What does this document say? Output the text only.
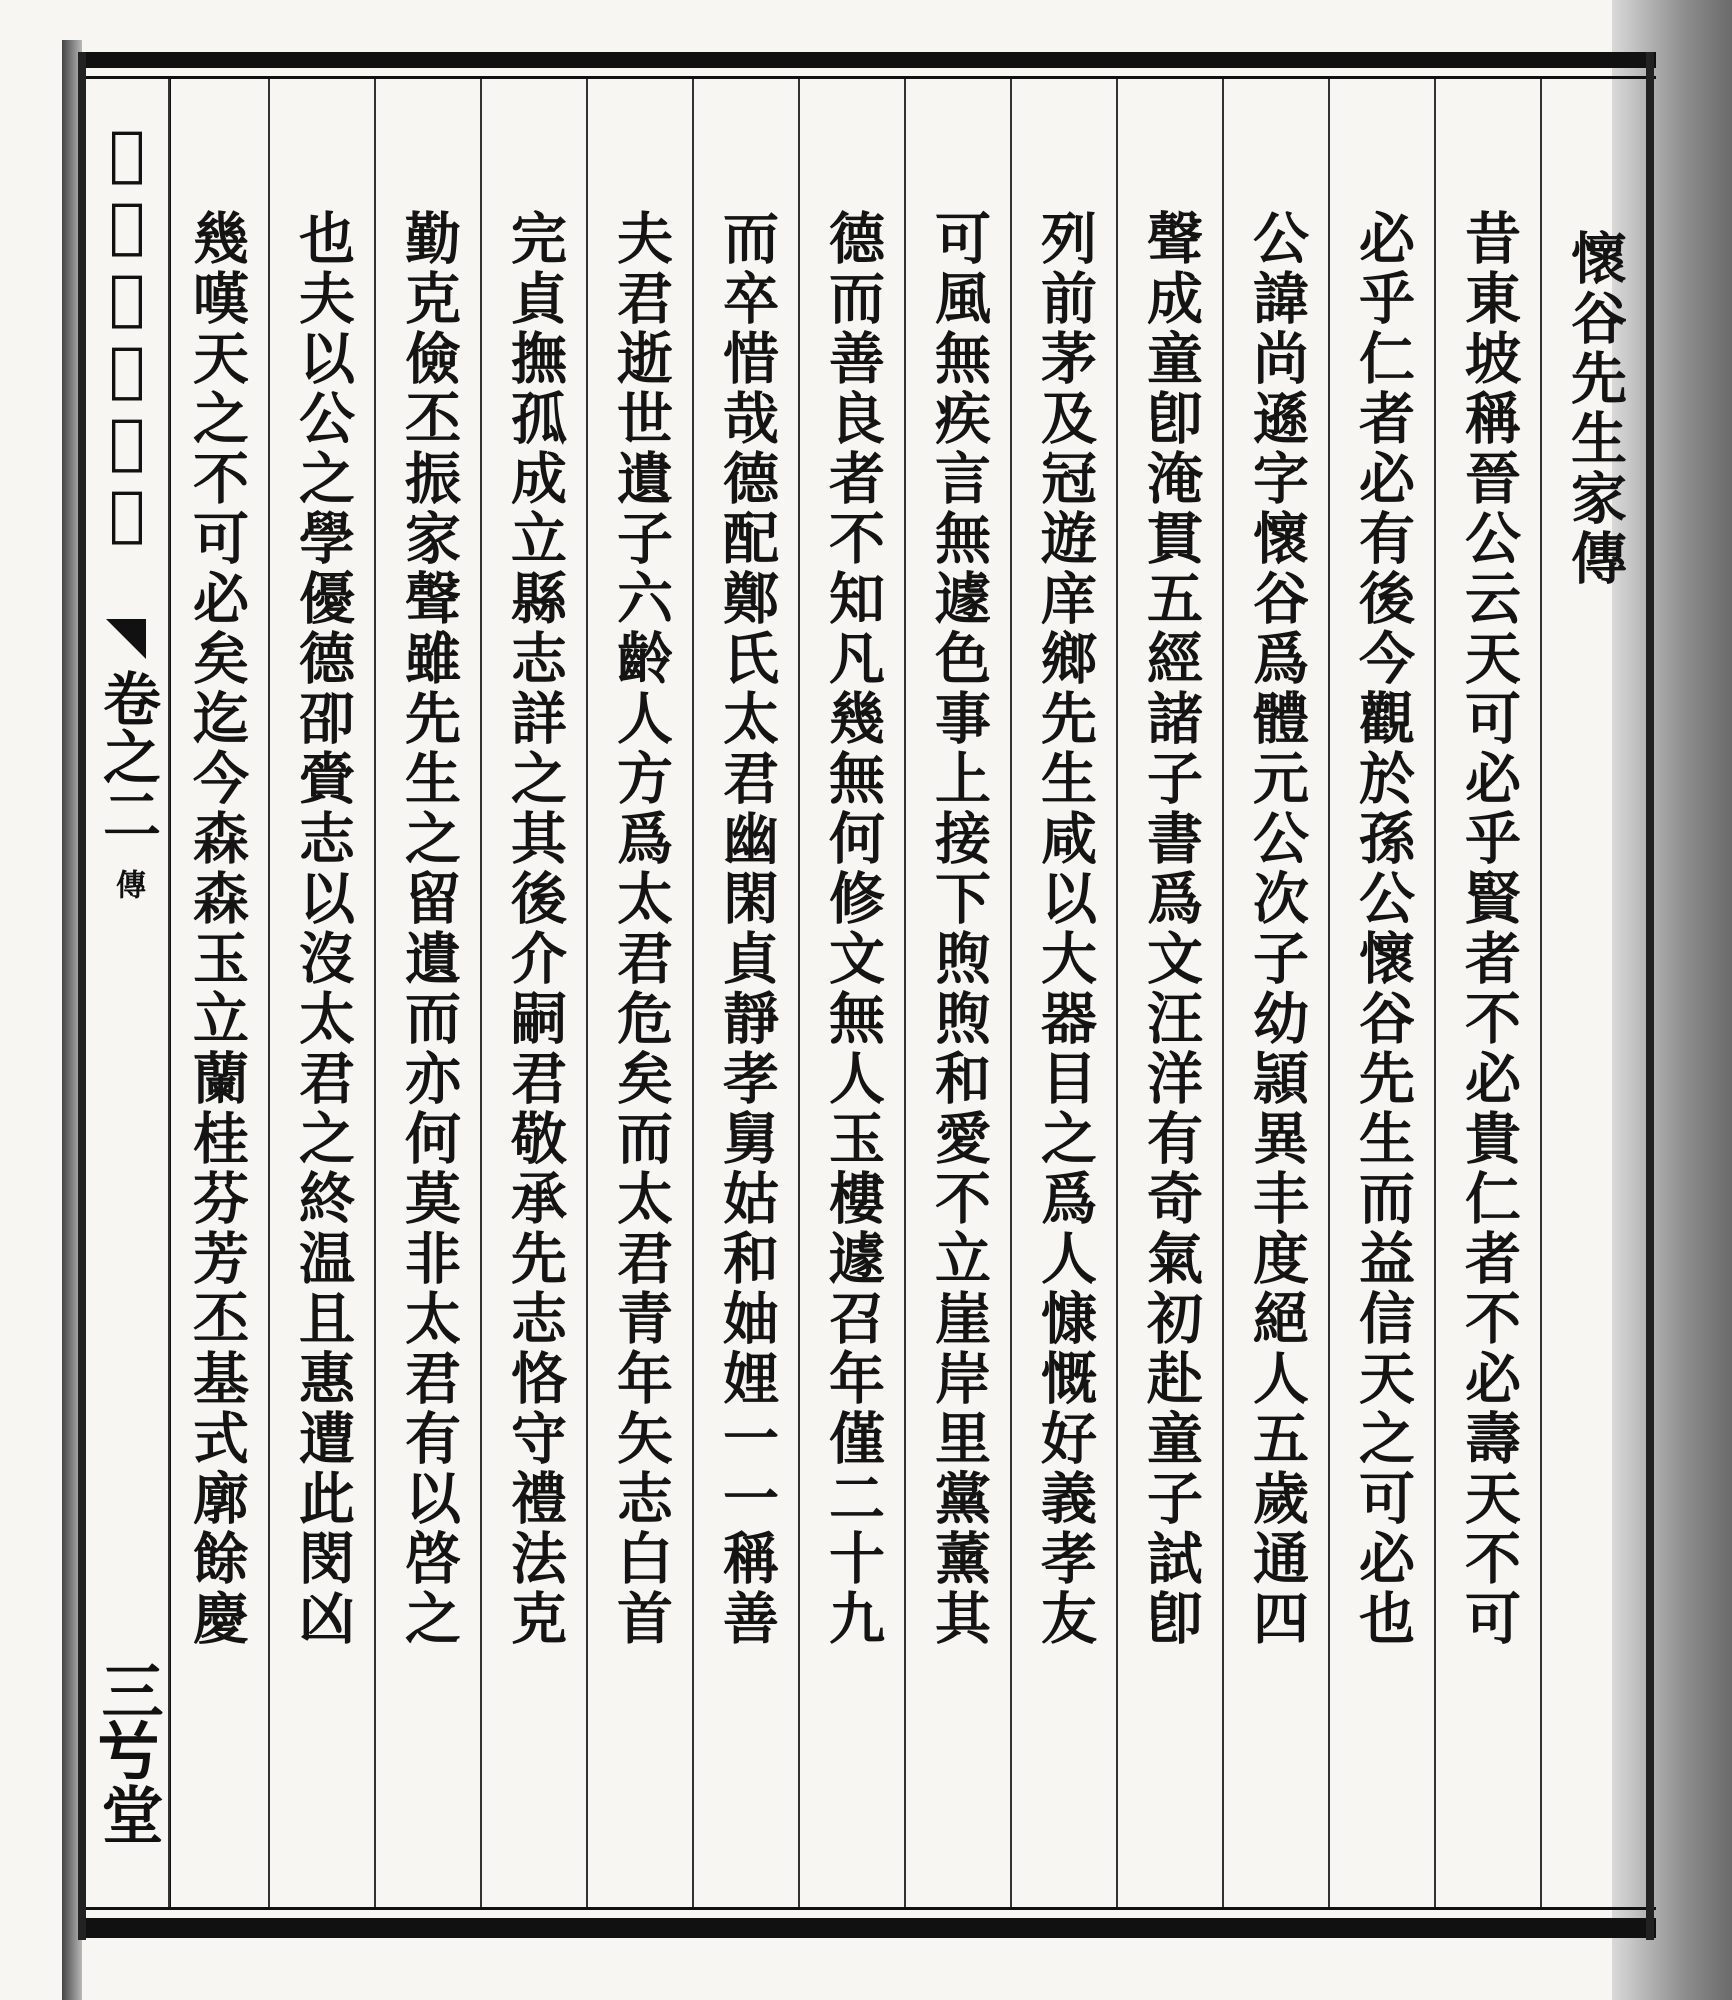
𥂐峯孫氏宗譜
卷之二
傳
三𠔃堂
懷谷先生家傳
昔東坡稱晉公云天可必乎賢者不必貴仁者不必壽天不可
必乎仁者必有後今觀於孫公懷谷先生而益信天之可必也
公諱尚遜字懷谷爲體元公次子幼頴異丰度絕人五歲通四
聲成童卽淹貫五經諸子書爲文汪洋有奇氣初赴童子試卽
列前茅及冠遊庠鄉先生咸以大器目之爲人慷慨好義孝友
可風無疾言無遽色事上接下煦煦和愛不立崖岸里黨薰其
德而善良者不知凡幾無何修文無人玉樓遽召年僅二十九
而卒惜哉德配鄭氏太君幽閑貞靜孝舅姑和妯娌一一稱善
夫君逝世遺子六齡人方爲太君危矣而太君青年矢志白首
完貞撫孤成立縣志詳之其後介嗣君敬承先志恪守禮法克
勤克儉丕振家聲雖先生之留遺而亦何莫非太君有以啓之
也夫以公之學優德卲賫志以沒太君之終温且惠遭此閔凶
幾嘆天之不可必矣迄今森森玉立蘭桂芬芳丕基式廓餘慶
